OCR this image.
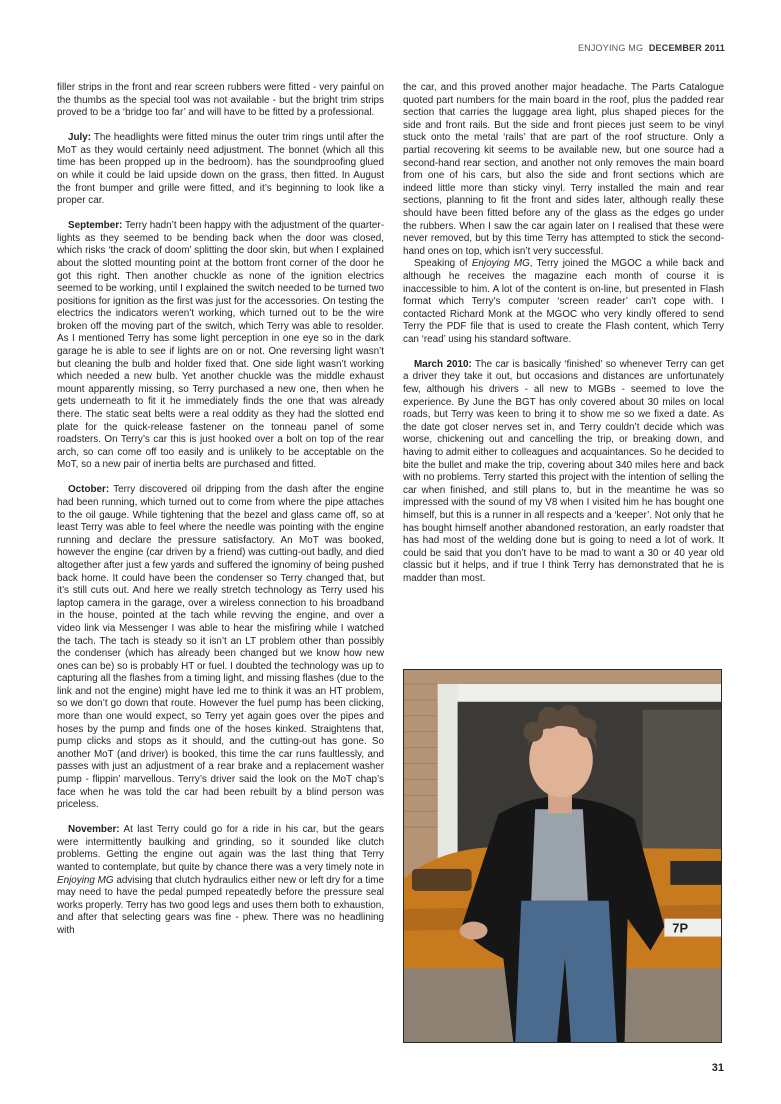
ENJOYING MG DECEMBER 2011

filler strips in the front and rear screen rubbers were fitted - very painful on the thumbs as the special tool was not available - but the bright trim strips proved to be a ‘bridge too far’ and will have to be fitted by a professional.

July: The headlights were fitted minus the outer trim rings until after the MoT as they would certainly need adjustment. The bonnet (which all this time has been propped up in the bedroom). has the soundproofing glued on while it could be laid upside down on the grass, then fitted. In August the front bumper and grille were fitted, and it’s beginning to look like a proper car.

September: Terry hadn’t been happy with the adjustment of the quarter-lights as they seemed to be bending back when the door was closed, which risks ‘the crack of doom’ splitting the door skin, but when I explained about the slotted mounting point at the bottom front corner of the door he got this right. Then another chuckle as none of the ignition electrics seemed to be working, until I explained the switch needed to be turned two positions for ignition as the first was just for the accessories. On testing the electrics the indicators weren’t working, which turned out to be the wire broken off the moving part of the switch, which Terry was able to resolder. As I mentioned Terry has some light perception in one eye so in the dark garage he is able to see if lights are on or not. One reversing light wasn’t but cleaning the bulb and holder fixed that. One side light wasn’t working which needed a new bulb. Yet another chuckle was the middle exhaust mount apparently missing, so Terry purchased a new one, then when he gets underneath to fit it he immediately finds the one that was already there. The static seat belts were a real oddity as they had the slotted end plate for the quick-release fastener on the tonneau panel of some roadsters. On Terry’s car this is just hooked over a bolt on top of the rear arch, so can come off too easily and is unlikely to be acceptable on the MoT, so a new pair of inertia belts are purchased and fitted.

October: Terry discovered oil dripping from the dash after the engine had been running, which turned out to come from where the pipe attaches to the oil gauge. While tightening that the bezel and glass came off, so at least Terry was able to feel where the needle was pointing with the engine running and declare the pressure satisfactory. An MoT was booked, however the engine (car driven by a friend) was cutting-out badly, and died altogether after just a few yards and suffered the ignominy of being pushed back home. It could have been the condenser so Terry changed that, but it’s still cuts out. And here we really stretch technology as Terry used his laptop camera in the garage, over a wireless connection to his broadband in the house, pointed at the tach while revving the engine, and over a video link via Messenger I was able to hear the misfiring while I watched the tach. The tach is steady so it isn’t an LT problem other than possibly the condenser (which has already been changed but we know how new ones can be) so is probably HT or fuel. I doubted the technology was up to capturing all the flashes from a timing light, and missing flashes (due to the link and not the engine) might have led me to think it was an HT problem, so we don’t go down that route. However the fuel pump has been clicking, more than one would expect, so Terry yet again goes over the pipes and hoses by the pump and finds one of the hoses kinked. Straightens that, pump clicks and stops as it should, and the cutting-out has gone. So another MoT (and driver) is booked, this time the car runs faultlessly, and passes with just an adjustment of a rear brake and a replacement washer pump - flippin’ marvellous. Terry’s driver said the look on the MoT chap’s face when he was told the car had been rebuilt by a blind person was priceless.

November: At last Terry could go for a ride in his car, but the gears were intermittently baulking and grinding, so it sounded like clutch problems. Getting the engine out again was the last thing that Terry wanted to contemplate, but quite by chance there was a very timely note in Enjoying MG advising that clutch hydraulics either new or left dry for a time may need to have the pedal pumped repeatedly before the pressure seal works properly. Terry has two good legs and uses them both to exhaustion, and after that selecting gears was fine - phew. There was no headlining with

the car, and this proved another major headache. The Parts Catalogue quoted part numbers for the main board in the roof, plus the padded rear section that carries the luggage area light, plus shaped pieces for the side and front rails. But the side and front pieces just seem to be vinyl stuck onto the metal ‘rails’ that are part of the roof structure. Only a partial recovering kit seems to be available new, but one source had a second-hand rear section, and another not only removes the main board from one of his cars, but also the side and front sections which are indeed little more than sticky vinyl. Terry installed the main and rear sections, planning to fit the front and sides later, although really these should have been fitted before any of the glass as the edges go under the rubbers. When I saw the car again later on I realised that these were never removed, but by this time Terry has attempted to stick the second-hand ones on top, which isn’t very successful.

Speaking of Enjoying MG, Terry joined the MGOC a while back and although he receives the magazine each month of course it is inaccessible to him. A lot of the content is on-line, but presented in Flash format which Terry’s computer ‘screen reader’ can’t cope with. I contacted Richard Monk at the MGOC who very kindly offered to send Terry the PDF file that is used to create the Flash content, which Terry can ‘read’ using his standard software.

March 2010: The car is basically ‘finished’ so whenever Terry can get a driver they take it out, but occasions and distances are unfortunately few, although his drivers - all new to MGBs - seemed to love the experience. By June the BGT has only covered about 30 miles on local roads, but Terry was keen to bring it to show me so we fixed a date. As the date got closer nerves set in, and Terry couldn’t decide which was worse, chickening out and cancelling the trip, or breaking down, and having to admit either to colleagues and acquaintances. So he decided to bite the bullet and make the trip, covering about 340 miles here and back with no problems. Terry started this project with the intention of selling the car when finished, and still plans to, but in the meantime he was so impressed with the sound of my V8 when I visited him he has bought one himself, but this is a runner in all respects and a ‘keeper’. Not only that he has bought himself another abandoned restoration, an early roadster that has had most of the welding done but is going to need a lot of work. It could be said that you don’t have to be mad to want a 30 or 40 year old classic but it helps, and if true I think Terry has demonstrated that he is madder than most.

7P
31
